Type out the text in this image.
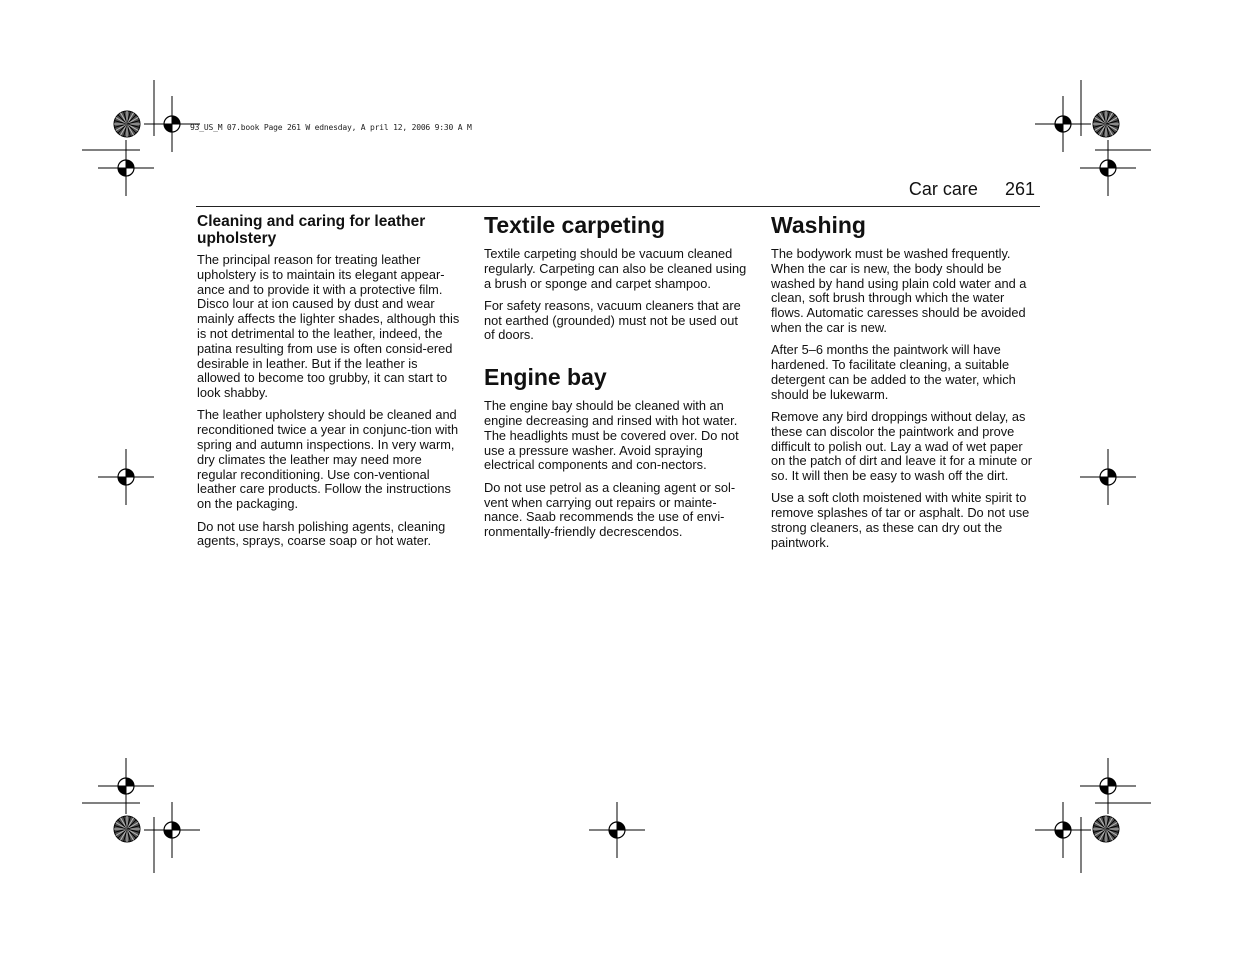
93_US_M 07.book Page 261 W ednesday, A pril 12, 2006 9:30 A M
Car care 261
Cleaning and caring for leather upholstery

The principal reason for treating leather upholstery is to maintain its elegant appear-ance and to provide it with a protective film. Disco lour at ion caused by dust and wear mainly affects the lighter shades, although this is not detrimental to the leather, indeed, the patina resulting from use is often consid-ered desirable in leather. But if the leather is allowed to become too grubby, it can start to look shabby.

The leather upholstery should be cleaned and reconditioned twice a year in conjunc-tion with spring and autumn inspections. In very warm, dry climates the leather may need more regular reconditioning. Use con-ventional leather care products. Follow the instructions on the packaging.

Do not use harsh polishing agents, cleaning agents, sprays, coarse soap or hot water.

Textile carpeting

Textile carpeting should be vacuum cleaned regularly. Carpeting can also be cleaned using a brush or sponge and carpet shampoo.

For safety reasons, vacuum cleaners that are not earthed (grounded) must not be used out of doors.

Engine bay

The engine bay should be cleaned with an engine decreasing and rinsed with hot water. The headlights must be covered over. Do not use a pressure washer. Avoid spraying electrical components and con-nectors.

Do not use petrol as a cleaning agent or sol-vent when carrying out repairs or mainte-nance. Saab recommends the use of envi-ronmentally-friendly decrescendos.

Washing

The bodywork must be washed frequently. When the car is new, the body should be washed by hand using plain cold water and a clean, soft brush through which the water flows. Automatic caresses should be avoided when the car is new.

After 5–6 months the paintwork will have hardened. To facilitate cleaning, a suitable detergent can be added to the water, which should be lukewarm.

Remove any bird droppings without delay, as these can discolor the paintwork and prove difficult to polish out. Lay a wad of wet paper on the patch of dirt and leave it for a minute or so. It will then be easy to wash off the dirt.

Use a soft cloth moistened with white spirit to remove splashes of tar or asphalt. Do not use strong cleaners, as these can dry out the paintwork.
